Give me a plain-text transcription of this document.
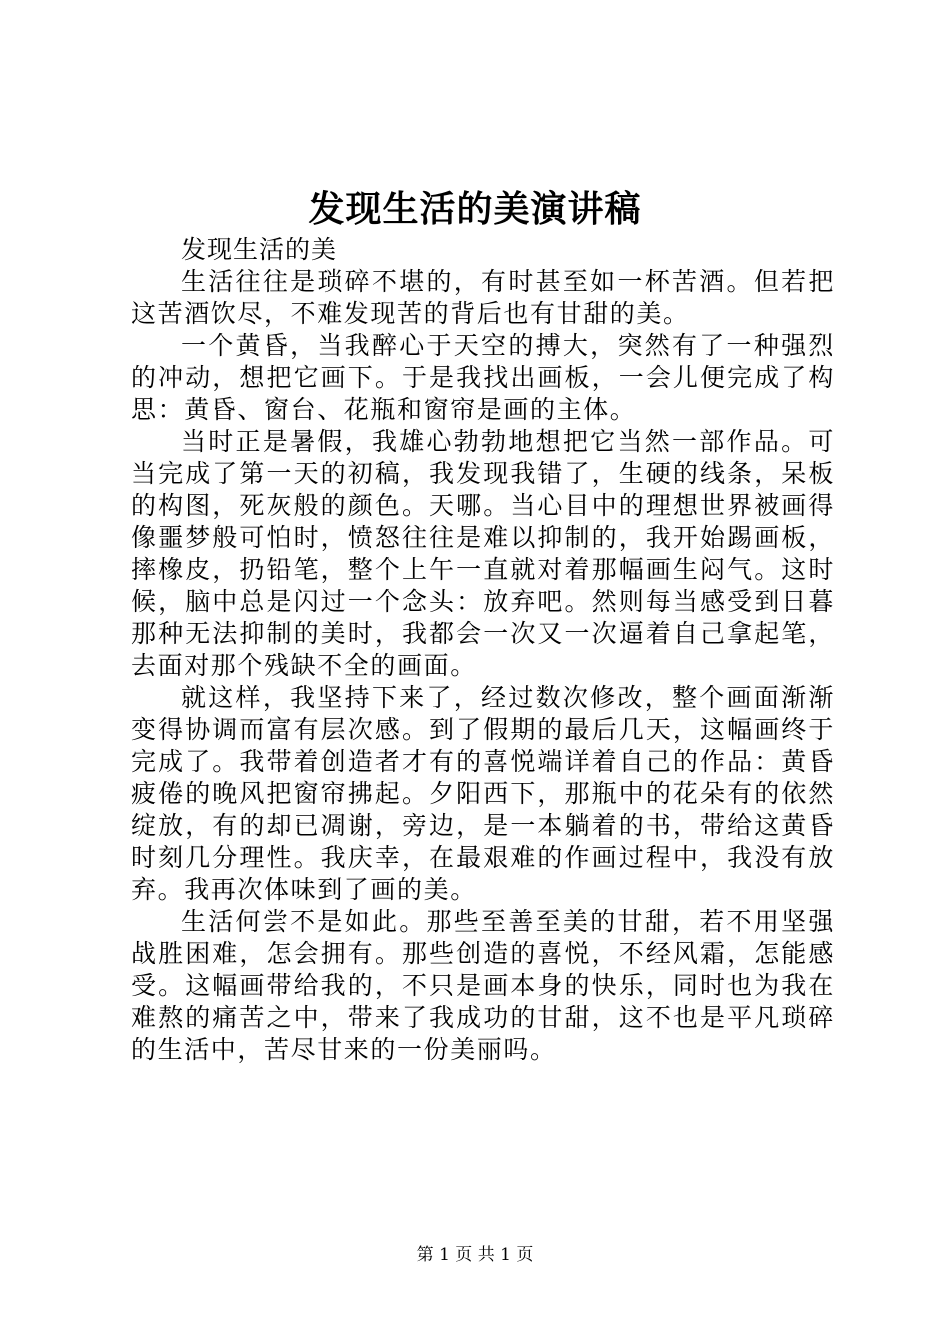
发现生活的美演讲稿

发现生活的美

生活往往是琐碎不堪的，有时甚至如一杯苦酒。但若把这苦酒饮尽，不难发现苦的背后也有甘甜的美。

一个黄昏，当我醉心于天空的搏大，突然有了一种强烈的冲动，想把它画下。于是我找出画板，一会儿便完成了构思：黄昏、窗台、花瓶和窗帘是画的主体。

当时正是暑假，我雄心勃勃地想把它当然一部作品。可当完成了第一天的初稿，我发现我错了，生硬的线条，呆板的构图，死灰般的颜色。天哪。当心目中的理想世界被画得像噩梦般可怕时，愤怒往往是难以抑制的，我开始踢画板，摔橡皮，扔铅笔，整个上午一直就对着那幅画生闷气。这时候，脑中总是闪过一个念头：放弃吧。然则每当感受到日暮那种无法抑制的美时，我都会一次又一次逼着自己拿起笔，去面对那个残缺不全的画面。

就这样，我坚持下来了，经过数次修改，整个画面渐渐变得协调而富有层次感。到了假期的最后几天，这幅画终于完成了。我带着创造者才有的喜悦端详着自己的作品：黄昏疲倦的晚风把窗帘拂起。夕阳西下，那瓶中的花朵有的依然绽放，有的却已凋谢，旁边，是一本躺着的书，带给这黄昏时刻几分理性。我庆幸，在最艰难的作画过程中，我没有放弃。我再次体味到了画的美。

生活何尝不是如此。那些至善至美的甘甜，若不用坚强战胜困难，怎会拥有。那些创造的喜悦，不经风霜，怎能感受。这幅画带给我的，不只是画本身的快乐，同时也为我在难熬的痛苦之中，带来了我成功的甘甜，这不也是平凡琐碎的生活中，苦尽甘来的一份美丽吗。

第 1 页 共 1 页
